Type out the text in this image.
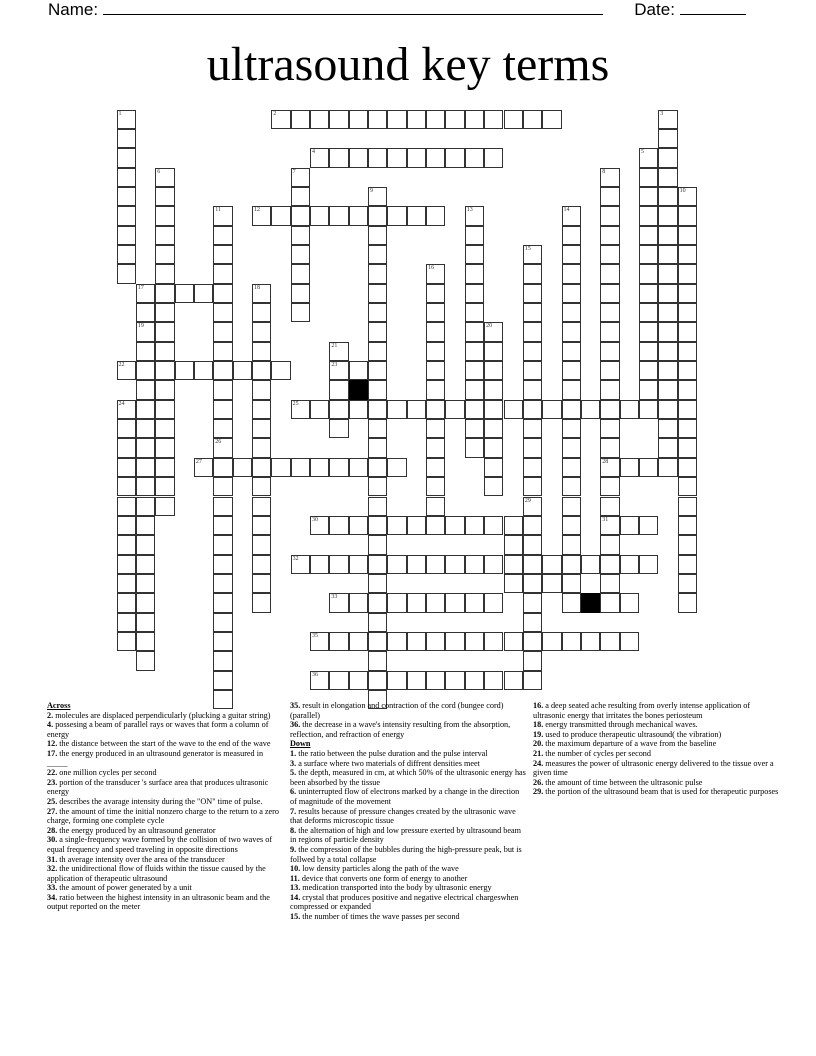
Name:	Date:
ultrasound key terms
1	2	3
4	5
6	7	8
28
31
9	10
11
26
12	13	14
15
29
16
17	18
19	20
21
23
22
24	25
27
30
32
33
35
36
Across
2. molecules are displaced perpendicularly (plucking a guitar string)
4. possesing a beam of parallel rays or waves that form a column of energy
12. the distance between the start of the wave to the end of the wave
17. the energy produced in an ultrasound generator is measured in _____
22. one million cycles per second
23. portion of the transducer 's surface area that produces ultrasonic energy
25. describes the avarage intensity during the "ON" time of pulse.
27. the amount of time the initial nonzero charge to the return to a zero charge, forming one complete cycle
28. the energy produced by an ultrasound generator
30. a single-frequency wave formed by the collision of two waves of equal frequency and speed traveling in opposite directions
31. th average intensity over the area of the transducer
32. the unidirectional flow of fluids within the tissue caused by the application of therapeutic ultrasound
33. the amount of power generated by a unit
34. ratio between the highest intensity in an ultrasonic beam and the output reported on the meter
35. result in elongation and contraction of the cord (bungee cord)(parallel)
36. the decrease in a wave's intensity resulting from the absorption, reflection, and refraction of energy
Down
1. the ratio between the pulse duration and the pulse interval
3. a surface where two materials of diffrent densities meet
5. the depth, measured in cm, at which 50% of the ultrasonic energy has been absorbed by the tissue
6. uninterrupted flow of electrons marked by a change in the direction of magnitude of the movement
7. results because of pressure changes created by the ultrasonic wave that deforms microscopic tissue
8. the alternation of high and low pressure exerted by ultrasound beam in regions of particle density
9. the compression of the bubbles during the high-pressure peak, but is follwed by a total collapse
10. low density particles along the path of the wave
11. device that converts one form of energy to another
13. medication transported into the body by ultrasonic energy
14. crystal that produces positive and negative electrical chargeswhen compressed or expanded
15. the number of times the wave passes per second
16. a deep seated ache resulting from overly intense application of ultrasonic energy that irritates the bones periosteum
18. energy transmitted through mechanical waves.
19. used to produce therapeutic ultrasound( the vibration)
20. the maximum departure of a wave from the baseline
21. the number of cycles per second
24. measures the power of ultrasonic energy delivered to the tissue over a given time
26. the amount of time between the ultrasonic pulse
29. the portion of the ultrasound beam that is used for therapeutic purposes
